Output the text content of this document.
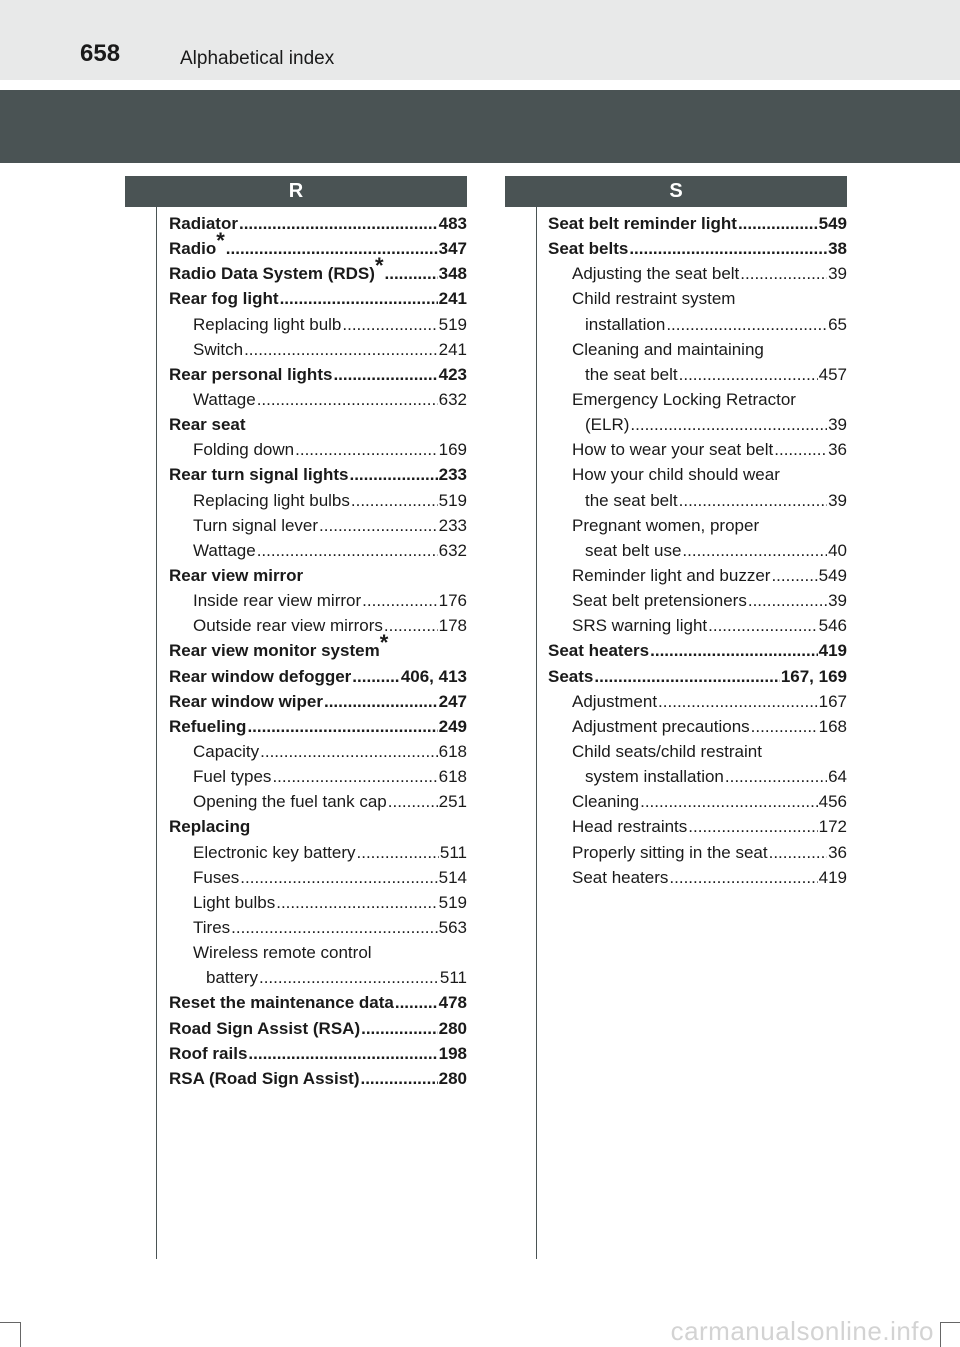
658	Alphabetical index
R	S
Radiator .....	483
Radio* .....	347
Radio Data System (RDS)* .....	348
Rear fog light .....	241
Replacing light bulb .....	519
Switch .....	241
Rear personal lights .....	423
Wattage .....	632
Rear seat
Folding down .....	169
Rear turn signal lights .....	233
Replacing light bulbs .....	519
Turn signal lever .....	233
Wattage .....	632
Rear view mirror
Inside rear view mirror .....	176
Outside rear view mirrors .....	178
Rear view monitor system*
Rear window defogger .....	406, 413
Rear window wiper .....	247
Refueling .....	249
Capacity .....	618
Fuel types .....	618
Opening the fuel tank cap .....	251
Replacing
Electronic key battery .....	511
Fuses .....	514
Light bulbs .....	519
Tires .....	563
Wireless remote control
battery .....	511
Reset the maintenance data .....	478
Road Sign Assist (RSA) .....	280
Roof rails .....	198
RSA (Road Sign Assist) .....	280
Seat belt reminder light .....	549
Seat belts .....	38
Adjusting the seat belt .....	39
Child restraint system
installation .....	65
Cleaning and maintaining
the seat belt .....	457
Emergency Locking Retractor
(ELR) .....	39
How to wear your seat belt .....	36
How your child should wear
the seat belt .....	39
Pregnant women, proper
seat belt use .....	40
Reminder light and buzzer .....	549
Seat belt pretensioners .....	39
SRS warning light .....	546
Seat heaters .....	419
Seats .....	167, 169
Adjustment .....	167
Adjustment precautions .....	168
Child seats/child restraint
system installation .....	64
Cleaning .....	456
Head restraints .....	172
Properly sitting in the seat .....	36
Seat heaters .....	419
carmanualsonline.info
